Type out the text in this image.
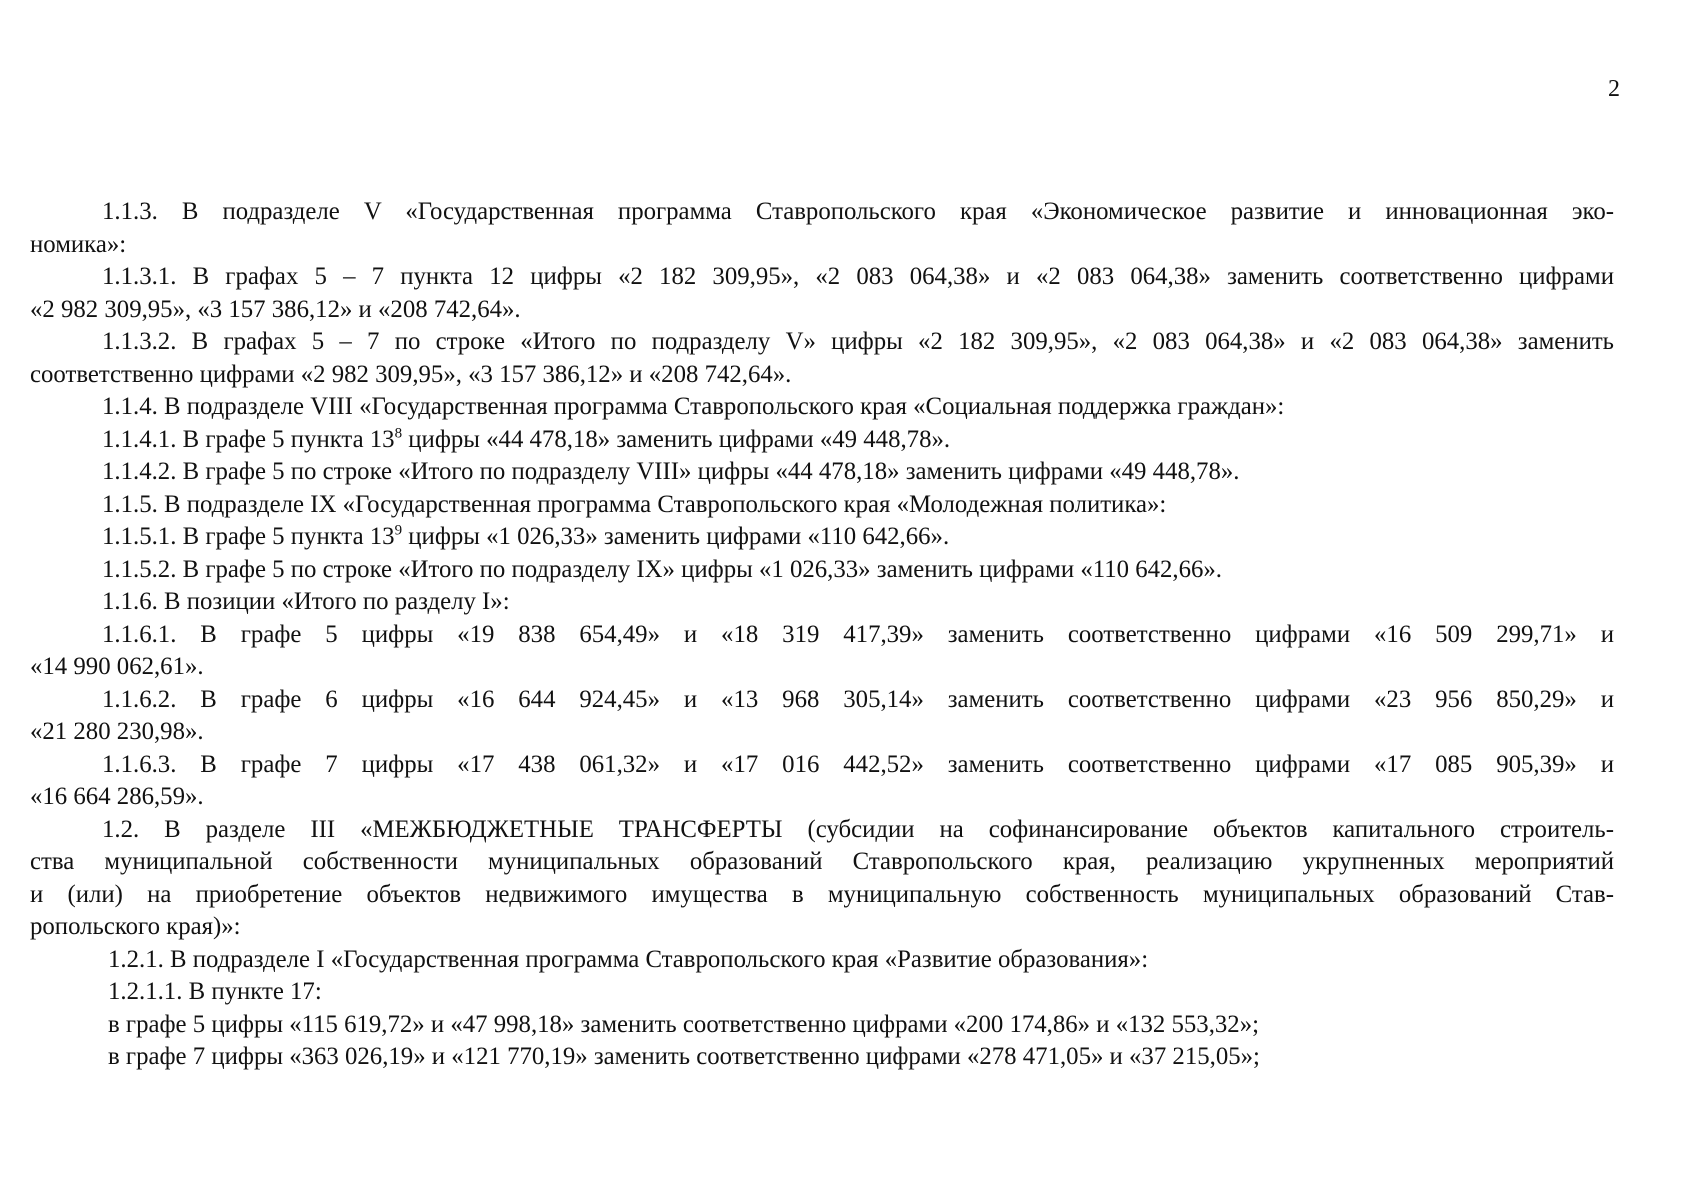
2
1.1.3. В подразделе V «Государственная программа Ставропольского края «Экономическое развитие и инновационная эко-
номика»:
1.1.3.1. В графах 5 – 7 пункта 12 цифры «2 182 309,95», «2 083 064,38» и «2 083 064,38» заменить соответственно цифрами
«2 982 309,95», «3 157 386,12» и «208 742,64».
1.1.3.2. В графах 5 – 7 по строке «Итого по подразделу V» цифры «2 182 309,95», «2 083 064,38» и «2 083 064,38» заменить
соответственно цифрами «2 982 309,95», «3 157 386,12» и «208 742,64».
1.1.4. В подразделе VIII «Государственная программа Ставропольского края «Социальная поддержка граждан»:
1.1.4.1. В графе 5 пункта $13^8$ цифры «44 478,18» заменить цифрами «49 448,78».
1.1.4.2. В графе 5 по строке «Итого по подразделу VIII» цифры «44 478,18» заменить цифрами «49 448,78».
1.1.5. В подразделе IX «Государственная программа Ставропольского края «Молодежная политика»:
1.1.5.1. В графе 5 пункта $13^9$ цифры «1 026,33» заменить цифрами «110 642,66».
1.1.5.2. В графе 5 по строке «Итого по подразделу IX» цифры «1 026,33» заменить цифрами «110 642,66».
1.1.6. В позиции «Итого по разделу I»:
1.1.6.1. В графе 5 цифры «19 838 654,49» и «18 319 417,39» заменить соответственно цифрами «16 509 299,71» и
«14 990 062,61».
1.1.6.2. В графе 6 цифры «16 644 924,45» и «13 968 305,14» заменить соответственно цифрами «23 956 850,29» и
«21 280 230,98».
1.1.6.3. В графе 7 цифры «17 438 061,32» и «17 016 442,52» заменить соответственно цифрами «17 085 905,39» и
«16 664 286,59».
1.2. В разделе III «МЕЖБЮДЖЕТНЫЕ ТРАНСФЕРТЫ (субсидии на софинансирование объектов капитального строитель-
ства муниципальной собственности муниципальных образований Ставропольского края, реализацию укрупненных мероприятий
и (или) на приобретение объектов недвижимого имущества в муниципальную собственность муниципальных образований Став-
ропольского края)»:
1.2.1. В подразделе I «Государственная программа Ставропольского края «Развитие образования»:
1.2.1.1. В пункте 17:
в графе 5 цифры «115 619,72» и «47 998,18» заменить соответственно цифрами «200 174,86» и «132 553,32»;
в графе 7 цифры «363 026,19» и «121 770,19» заменить соответственно цифрами «278 471,05» и «37 215,05»;
